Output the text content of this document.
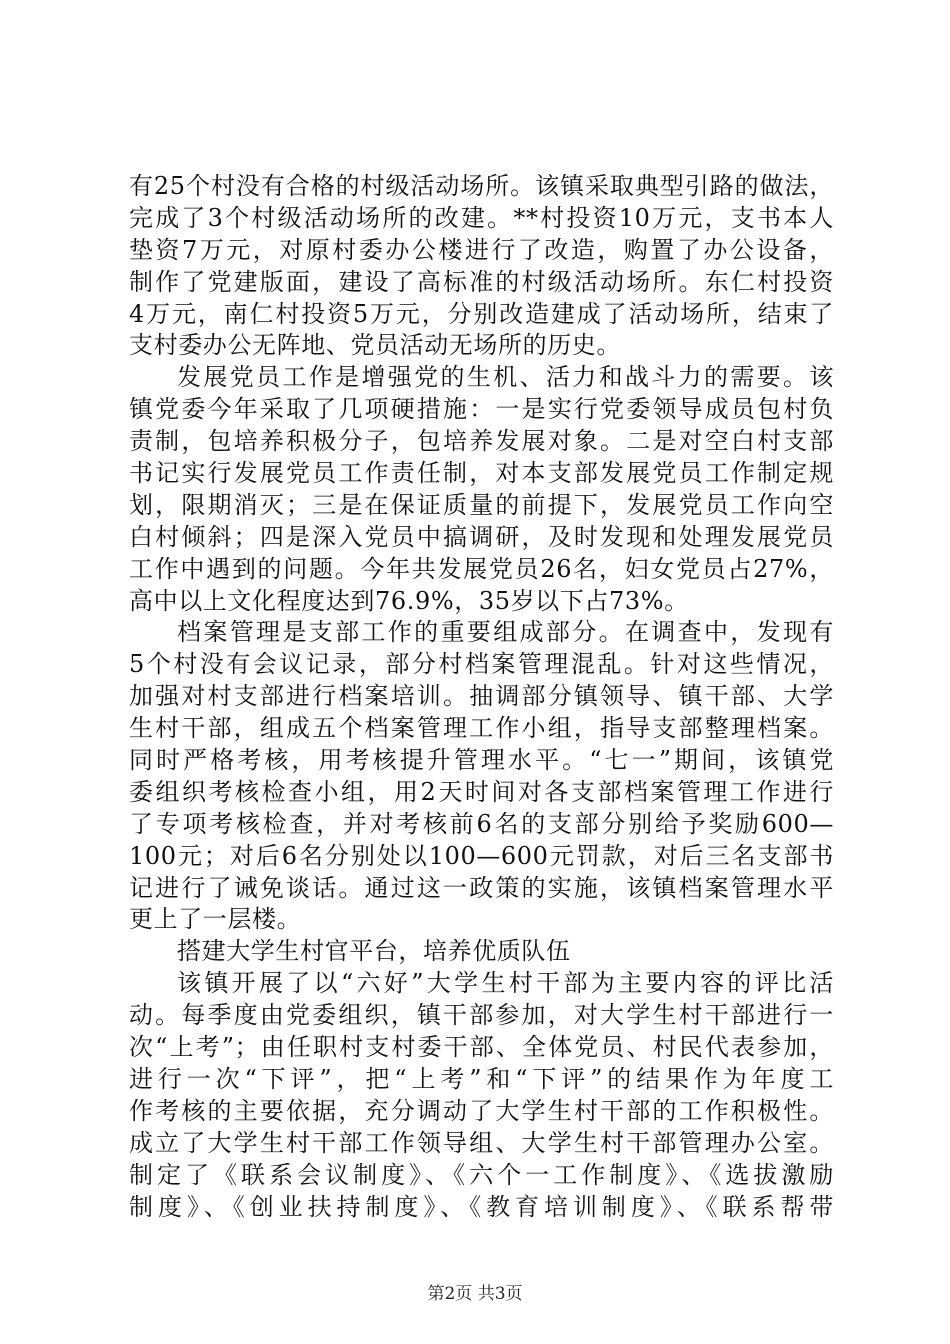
有25个村没有合格的村级活动场所。该镇采取典型引路的做法，
完成了3个村级活动场所的改建。**村投资10万元，支书本人
垫资7万元，对原村委办公楼进行了改造，购置了办公设备，
制作了党建版面，建设了高标准的村级活动场所。东仁村投资
4万元，南仁村投资5万元，分别改造建成了活动场所，结束了
支村委办公无阵地、党员活动无场所的历史。
发展党员工作是增强党的生机、活力和战斗力的需要。该
镇党委今年采取了几项硬措施：一是实行党委领导成员包村负
责制，包培养积极分子，包培养发展对象。二是对空白村支部
书记实行发展党员工作责任制，对本支部发展党员工作制定规
划，限期消灭；三是在保证质量的前提下，发展党员工作向空
白村倾斜；四是深入党员中搞调研，及时发现和处理发展党员
工作中遇到的问题。今年共发展党员26名，妇女党员占27%，
高中以上文化程度达到76.9%，35岁以下占73%。
档案管理是支部工作的重要组成部分。在调查中，发现有
5个村没有会议记录，部分村档案管理混乱。针对这些情况，
加强对村支部进行档案培训。抽调部分镇领导、镇干部、大学
生村干部，组成五个档案管理工作小组，指导支部整理档案。
同时严格考核，用考核提升管理水平。“七一”期间，该镇党
委组织考核检查小组，用2天时间对各支部档案管理工作进行
了专项考核检查，并对考核前6名的支部分别给予奖励600—
100元；对后6名分别处以100—600元罚款，对后三名支部书
记进行了诫免谈话。通过这一政策的实施，该镇档案管理水平
更上了一层楼。
搭建大学生村官平台，培养优质队伍
该镇开展了以“六好”大学生村干部为主要内容的评比活
动。每季度由党委组织，镇干部参加，对大学生村干部进行一
次“上考”；由任职村支村委干部、全体党员、村民代表参加，
进行一次“下评”，把“上考”和“下评”的结果作为年度工
作考核的主要依据，充分调动了大学生村干部的工作积极性。
成立了大学生村干部工作领导组、大学生村干部管理办公室。
制定了《联系会议制度》、《六个一工作制度》、《选拔激励
制度》、《创业扶持制度》、《教育培训制度》、《联系帮带
第2页 共3页
